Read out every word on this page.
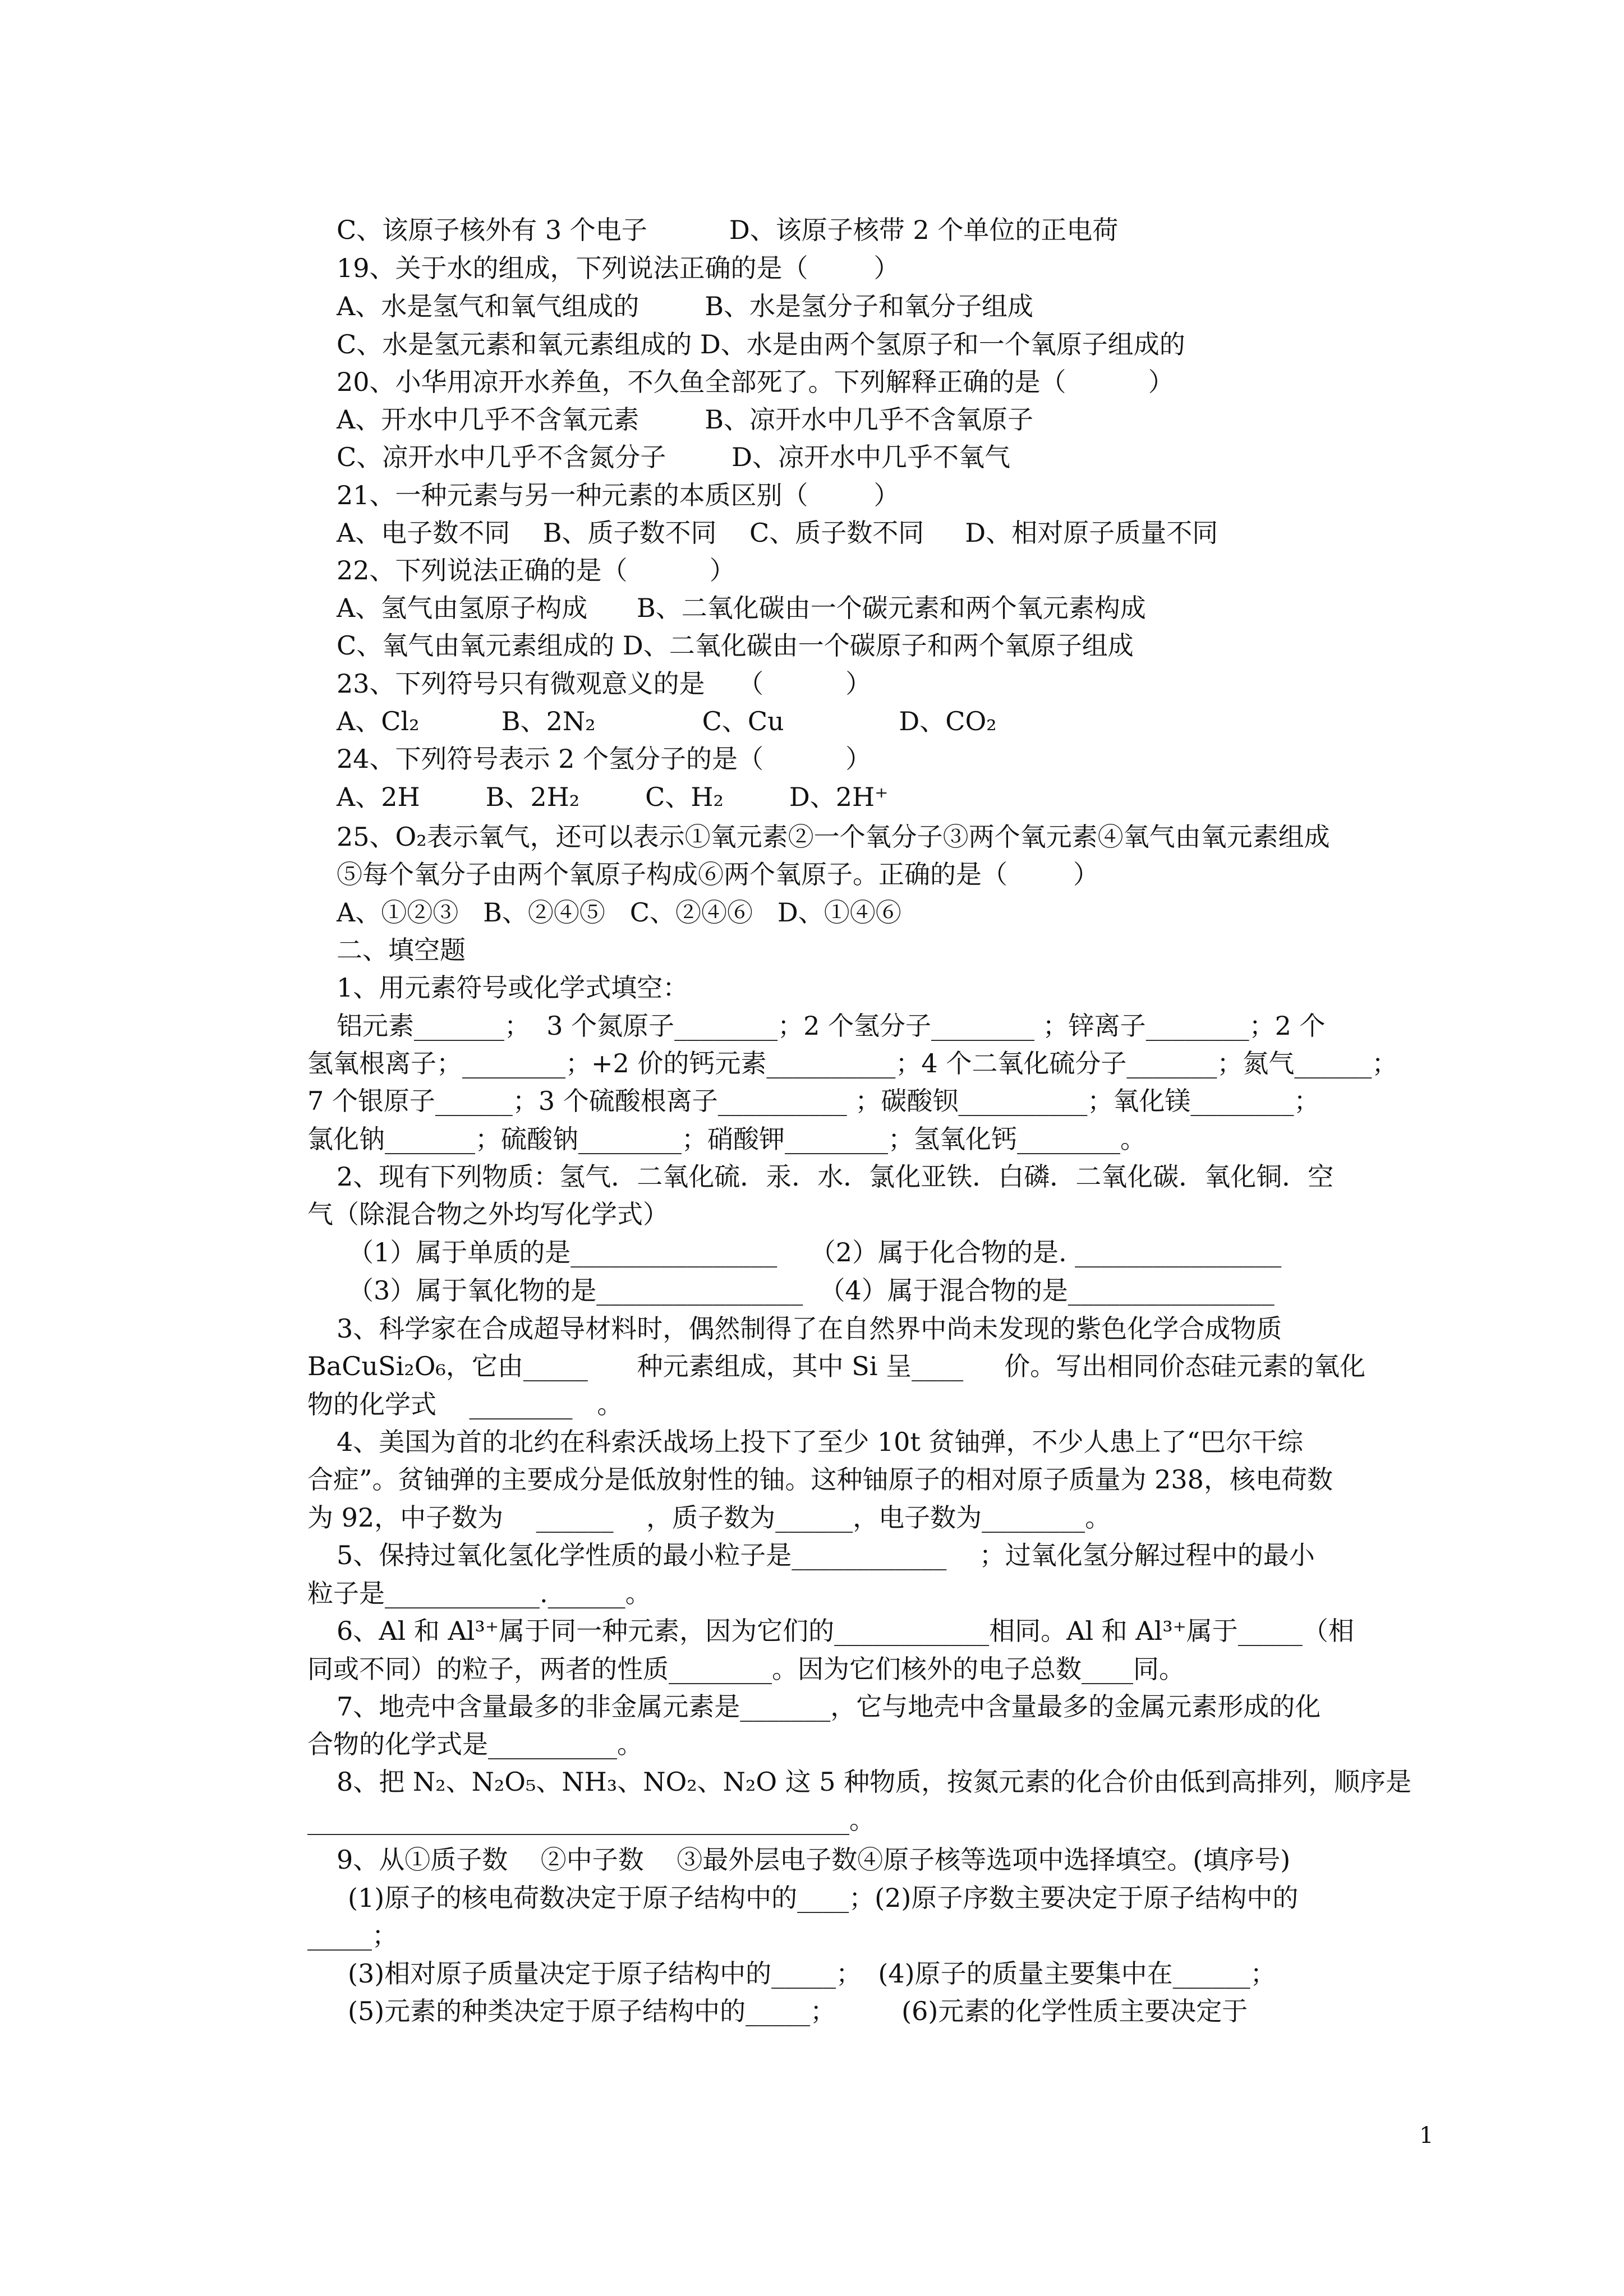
C、该原子核外有 3 个电子          D、该原子核带 2 个单位的正电荷
19、关于水的组成，下列说法正确的是（        ）
A、水是氢气和氧气组成的        B、水是氢分子和氧分子组成
C、水是氢元素和氧元素组成的 D、水是由两个氢原子和一个氧原子组成的
20、小华用凉开水养鱼，不久鱼全部死了。下列解释正确的是（          ）
A、开水中几乎不含氧元素        B、凉开水中几乎不含氧原子
C、凉开水中几乎不含氮分子        D、凉开水中几乎不氧气
21、一种元素与另一种元素的本质区别（        ）
A、电子数不同    B、质子数不同    C、质子数不同     D、相对原子质量不同
22、下列说法正确的是（          ）
A、氢气由氢原子构成      B、二氧化碳由一个碳元素和两个氧元素构成
C、氧气由氧元素组成的 D、二氧化碳由一个碳原子和两个氧原子组成
23、下列符号只有微观意义的是    （          ）
A、Cl₂          B、2N₂             C、Cu              D、CO₂
24、下列符号表示 2 个氢分子的是（          ）
A、2H        B、2H₂        C、H₂        D、2H⁺
25、O₂表示氧气，还可以表示①氧元素②一个氧分子③两个氧元素④氧气由氧元素组成
⑤每个氧分子由两个氧原子构成⑥两个氧原子。正确的是（        ）
A、①②③   B、②④⑤   C、②④⑥   D、①④⑥
二、填空题
1、用元素符号或化学式填空：
铝元素_______；  3 个氮原子________；2 个氢分子________ ；锌离子________；2 个
氢氧根离子；________；+2 价的钙元素__________；4 个二氧化硫分子_______；氮气______；
7 个银原子______；3 个硫酸根离子__________ ；碳酸钡__________；氧化镁________；
氯化钠_______；硫酸钠________；硝酸钾________；氢氧化钙________。
2、现有下列物质：氢气．二氧化硫．汞．水．氯化亚铁．白磷．二氧化碳．氧化铜．空
气（除混合物之外均写化学式）
（1）属于单质的是________________    （2）属于化合物的是. ________________
（3）属于氧化物的是________________  （4）属于混合物的是________________
3、科学家在合成超导材料时，偶然制得了在自然界中尚未发现的紫色化学合成物质
BaCuSi₂O₆，它由_____      种元素组成，其中 Si 呈____     价。写出相同价态硅元素的氧化
物的化学式    ________   。
4、美国为首的北约在科索沃战场上投下了至少 10t 贫铀弹，不少人患上了“巴尔干综
合症”。贫铀弹的主要成分是低放射性的铀。这种铀原子的相对原子质量为 238，核电荷数
为 92，中子数为    ______    ，质子数为______，电子数为________。
5、保持过氧化氢化学性质的最小粒子是____________    ；过氧化氢分解过程中的最小
粒子是____________.______。
6、Al 和 Al³⁺属于同一种元素，因为它们的____________相同。Al 和 Al³⁺属于_____（相
同或不同）的粒子，两者的性质________。因为它们核外的电子总数____同。
7、地壳中含量最多的非金属元素是_______，它与地壳中含量最多的金属元素形成的化
合物的化学式是__________。
8、把 N₂、N₂O₅、NH₃、NO₂、N₂O 这 5 种物质，按氮元素的化合价由低到高排列，顺序是
__________________________________________。
9、从①质子数    ②中子数    ③最外层电子数④原子核等选项中选择填空。(填序号)
(1)原子的核电荷数决定于原子结构中的____；(2)原子序数主要决定于原子结构中的
_____；
(3)相对原子质量决定于原子结构中的_____；  (4)原子的质量主要集中在______；
(5)元素的种类决定于原子结构中的_____；        (6)元素的化学性质主要决定于
1
